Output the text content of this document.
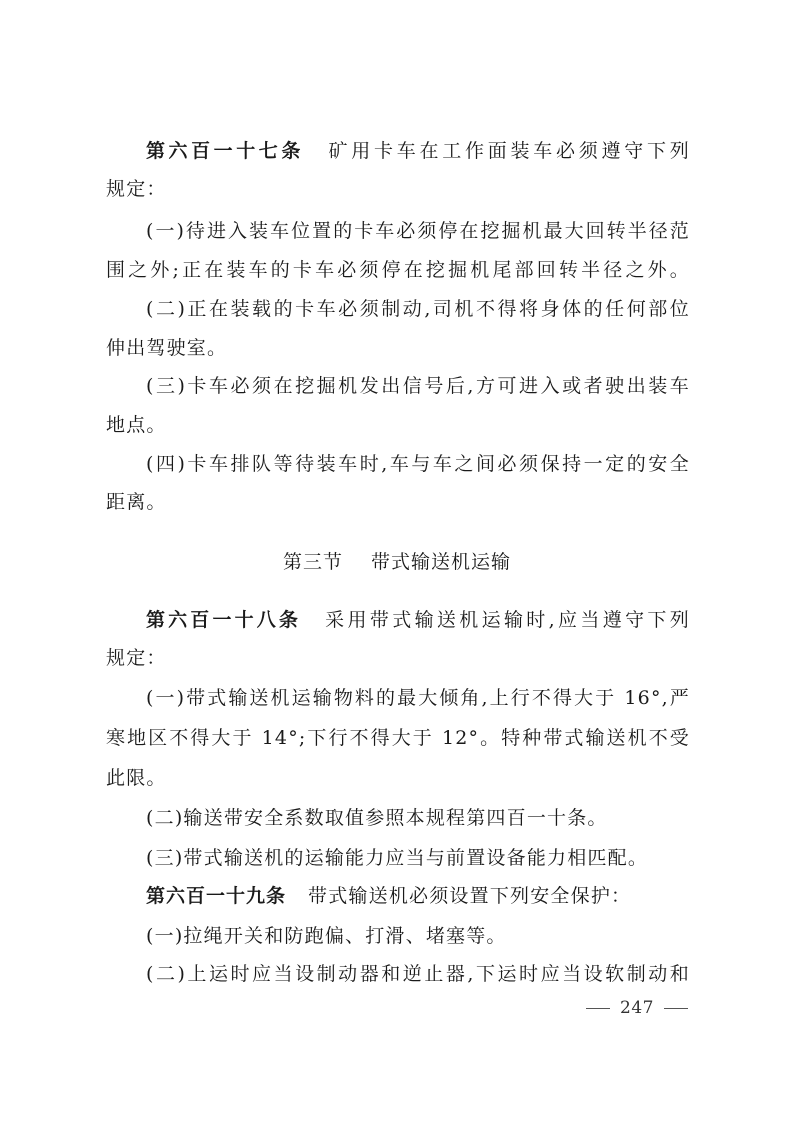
第六百一十七条 矿用卡车在工作面装车必须遵守下列
规定：
(一)待进入装车位置的卡车必须停在挖掘机最大回转半径范
围之外;正在装车的卡车必须停在挖掘机尾部回转半径之外。
(二)正在装载的卡车必须制动,司机不得将身体的任何部位
伸出驾驶室。
(三)卡车必须在挖掘机发出信号后,方可进入或者驶出装车
地点。
(四)卡车排队等待装车时,车与车之间必须保持一定的安全
距离。
第三节 带式输送机运输
第六百一十八条 采用带式输送机运输时,应当遵守下列
规定：
(一)带式输送机运输物料的最大倾角,上行不得大于 16°,严
寒地区不得大于 14°;下行不得大于 12°。特种带式输送机不受
此限。
(二)输送带安全系数取值参照本规程第四百一十条。
(三)带式输送机的运输能力应当与前置设备能力相匹配。
第六百一十九条 带式输送机必须设置下列安全保护：
(一)拉绳开关和防跑偏、打滑、堵塞等。
(二)上运时应当设制动器和逆止器,下运时应当设软制动和
247
